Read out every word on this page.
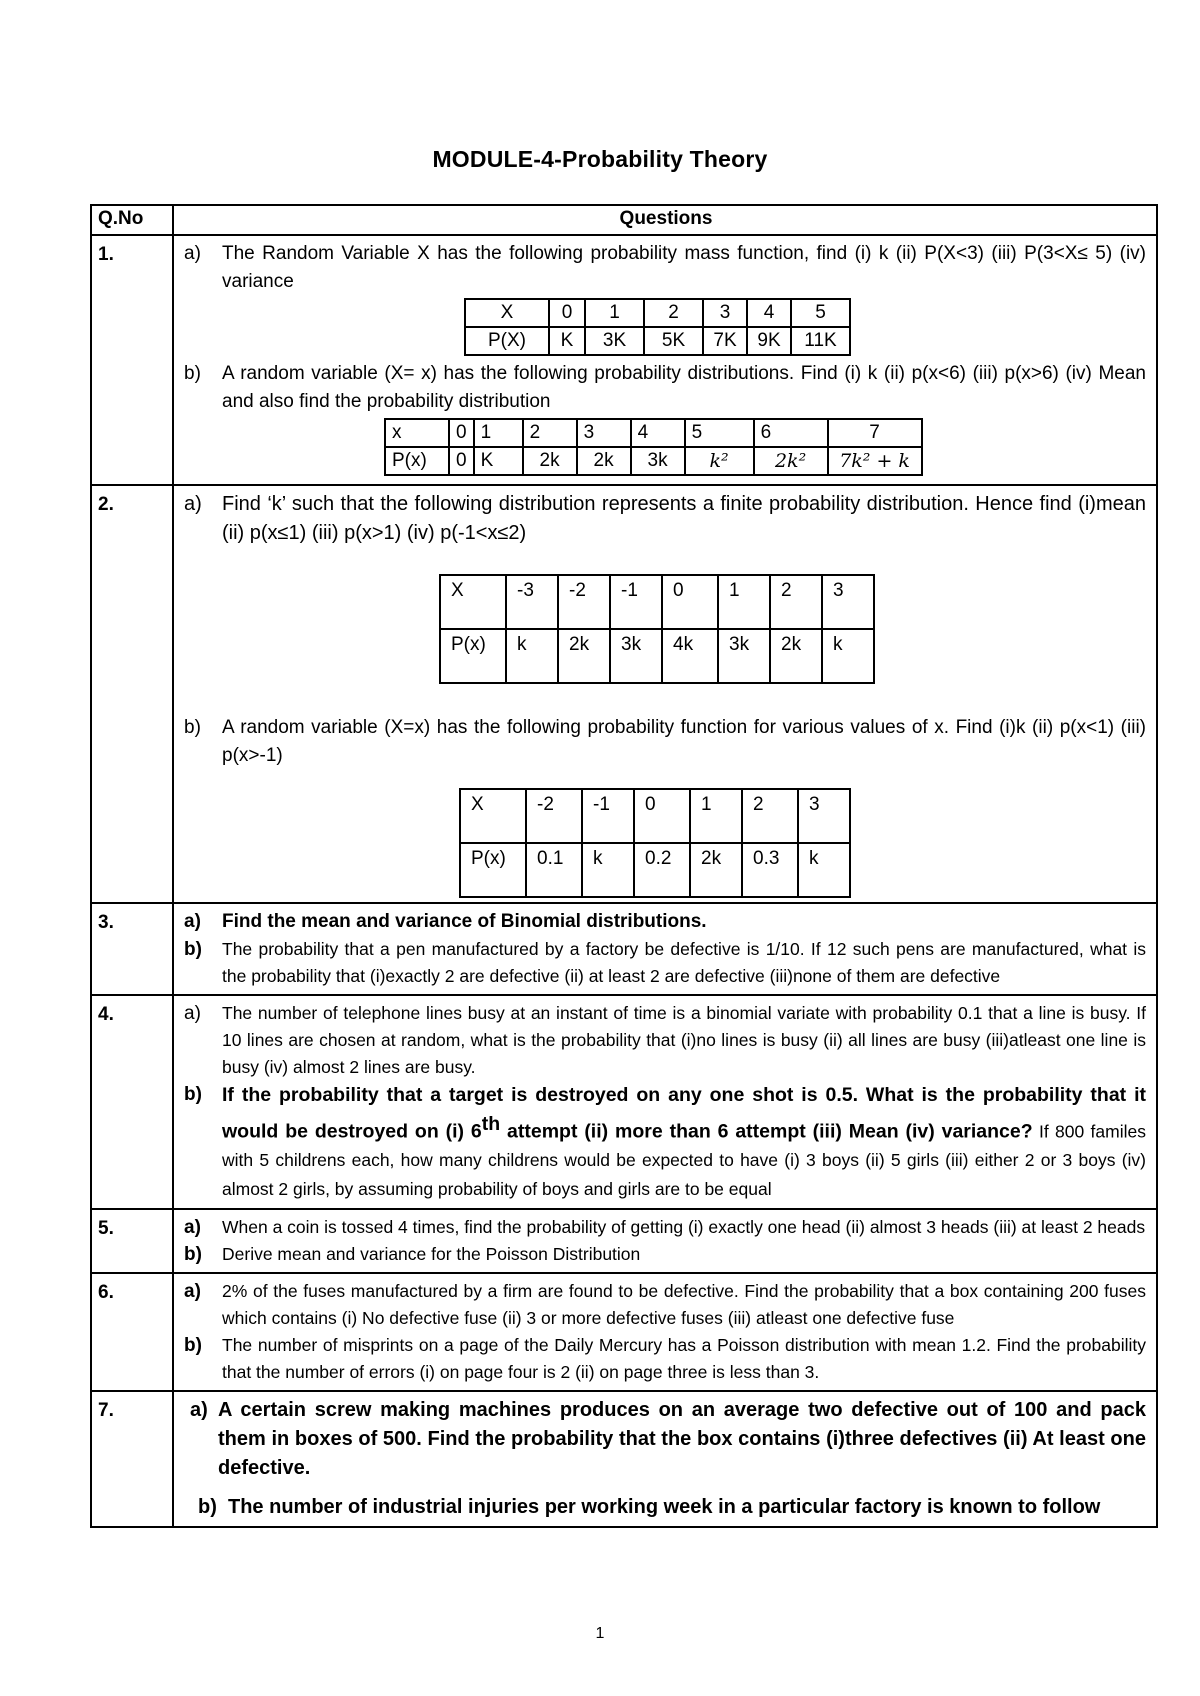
MODULE-4-Probability Theory
Q.No	Questions
1.	a)	The Random Variable X has the following probability mass function, find (i) k (ii) P(X<3) (iii) P(3<X≤ 5) (iv) variance
X	0	1	2	3	4	5
P(X)	K	3K	5K	7K	9K	11K
b)	A random variable (X= x) has the following probability distributions. Find (i) k (ii) p(x<6) (iii) p(x>6) (iv) Mean and also find the probability distribution
x	0	1	2	3	4	5	6	7
P(x)	0	K	2k	2k	3k	k²	2k²	7k² + k

2.	a)	Find ‘k’ such that the following distribution represents a finite probability distribution. Hence find (i)mean (ii) p(x≤1) (iii) p(x>1) (iv) p(-1<x≤2)
X	-3	-2	-1	0	1	2	3
P(x)	k	2k	3k	4k	3k	2k	k
b)	A random variable (X=x) has the following probability function for various values of x. Find (i)k (ii) p(x<1) (iii) p(x>-1)
X	-2	-1	0	1	2	3
P(x)	0.1	k	0.2	2k	0.3	k

3.	a)	Find the mean and variance of Binomial distributions.
b)	The probability that a pen manufactured by a factory be defective is 1/10. If 12 such pens are manufactured, what is the probability that (i)exactly 2 are defective (ii) at least 2 are defective (iii)none of them are defective

4.	a)	The number of telephone lines busy at an instant of time is a binomial variate with probability 0.1 that a line is busy. If 10 lines are chosen at random, what is the probability that (i)no lines is busy (ii) all lines are busy (iii)atleast one line is busy (iv) almost 2 lines are busy.
b)	If the probability that a target is destroyed on any one shot is 0.5. What is the probability that it would be destroyed on (i) 6th attempt (ii) more than 6 attempt (iii) Mean (iv) variance? If 800 familes with 5 childrens each, how many childrens would be expected to have (i) 3 boys (ii) 5 girls (iii) either 2 or 3 boys (iv) almost 2 girls, by assuming probability of boys and girls are to be equal

5.	a)	When a coin is tossed 4 times, find the probability of getting (i) exactly one head (ii) almost 3 heads (iii) at least 2 heads
b)	Derive mean and variance for the Poisson Distribution

6.	a)	2% of the fuses manufactured by a firm are found to be defective. Find the probability that a box containing 200 fuses which contains (i) No defective fuse (ii) 3 or more defective fuses (iii) atleast one defective fuse
b)	The number of misprints on a page of the Daily Mercury has a Poisson distribution with mean 1.2. Find the probability that the number of errors (i) on page four is 2 (ii) on page three is less than 3.

7.	a) A certain screw making machines produces on an average two defective out of 100 and pack them in boxes of 500. Find the probability that the box contains (i)three defectives (ii) At least one defective.
b) The number of industrial injuries per working week in a particular factory is known to follow
1
